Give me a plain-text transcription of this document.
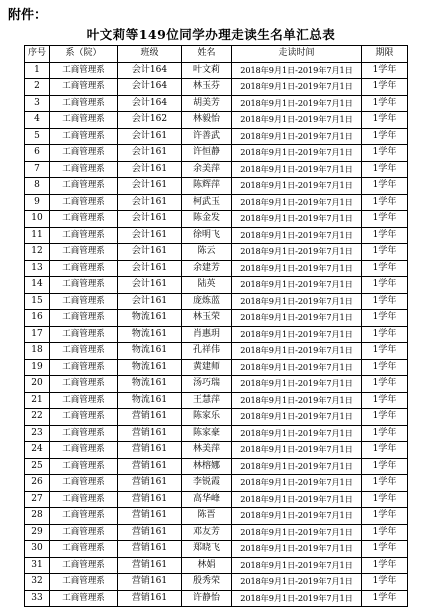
附件：
叶文莉等149位同学办理走读生名单汇总表
序号	系（院）	班级	姓名	走读时间	期限
1	工商管理系	会计164	叶文莉	2018年9月1日-2019年7月1日	1学年
2	工商管理系	会计164	林玉芬	2018年9月1日-2019年7月1日	1学年
3	工商管理系	会计164	胡美芳	2018年9月1日-2019年7月1日	1学年
4	工商管理系	会计162	林毅怡	2018年9月1日-2019年7月1日	1学年
5	工商管理系	会计161	许善武	2018年9月1日-2019年7月1日	1学年
6	工商管理系	会计161	许恒静	2018年9月1日-2019年7月1日	1学年
7	工商管理系	会计161	余美萍	2018年9月1日-2019年7月1日	1学年
8	工商管理系	会计161	陈辉萍	2018年9月1日-2019年7月1日	1学年
9	工商管理系	会计161	柯武玉	2018年9月1日-2019年7月1日	1学年
10	工商管理系	会计161	陈金发	2018年9月1日-2019年7月1日	1学年
11	工商管理系	会计161	徐明飞	2018年9月1日-2019年7月1日	1学年
12	工商管理系	会计161	陈云	2018年9月1日-2019年7月1日	1学年
13	工商管理系	会计161	余建芳	2018年9月1日-2019年7月1日	1学年
14	工商管理系	会计161	陆英	2018年9月1日-2019年7月1日	1学年
15	工商管理系	会计161	庞炼蓝	2018年9月1日-2019年7月1日	1学年
16	工商管理系	物流161	林玉荣	2018年9月1日-2019年7月1日	1学年
17	工商管理系	物流161	肖惠玥	2018年9月1日-2019年7月1日	1学年
18	工商管理系	物流161	孔祥伟	2018年9月1日-2019年7月1日	1学年
19	工商管理系	物流161	黄建师	2018年9月1日-2019年7月1日	1学年
20	工商管理系	物流161	汤巧瑞	2018年9月1日-2019年7月1日	1学年
21	工商管理系	物流161	王慧萍	2018年9月1日-2019年7月1日	1学年
22	工商管理系	营销161	陈家乐	2018年9月1日-2019年7月1日	1学年
23	工商管理系	营销161	陈家豪	2018年9月1日-2019年7月1日	1学年
24	工商管理系	营销161	林美萍	2018年9月1日-2019年7月1日	1学年
25	工商管理系	营销161	林榕娜	2018年9月1日-2019年7月1日	1学年
26	工商管理系	营销161	李锐霞	2018年9月1日-2019年7月1日	1学年
27	工商管理系	营销161	高华峰	2018年9月1日-2019年7月1日	1学年
28	工商管理系	营销161	陈晋	2018年9月1日-2019年7月1日	1学年
29	工商管理系	营销161	邓友芳	2018年9月1日-2019年7月1日	1学年
30	工商管理系	营销161	郑晓飞	2018年9月1日-2019年7月1日	1学年
31	工商管理系	营销161	林娟	2018年9月1日-2019年7月1日	1学年
32	工商管理系	营销161	殷秀荣	2018年9月1日-2019年7月1日	1学年
33	工商管理系	营销161	许静怡	2018年9月1日-2019年7月1日	1学年
